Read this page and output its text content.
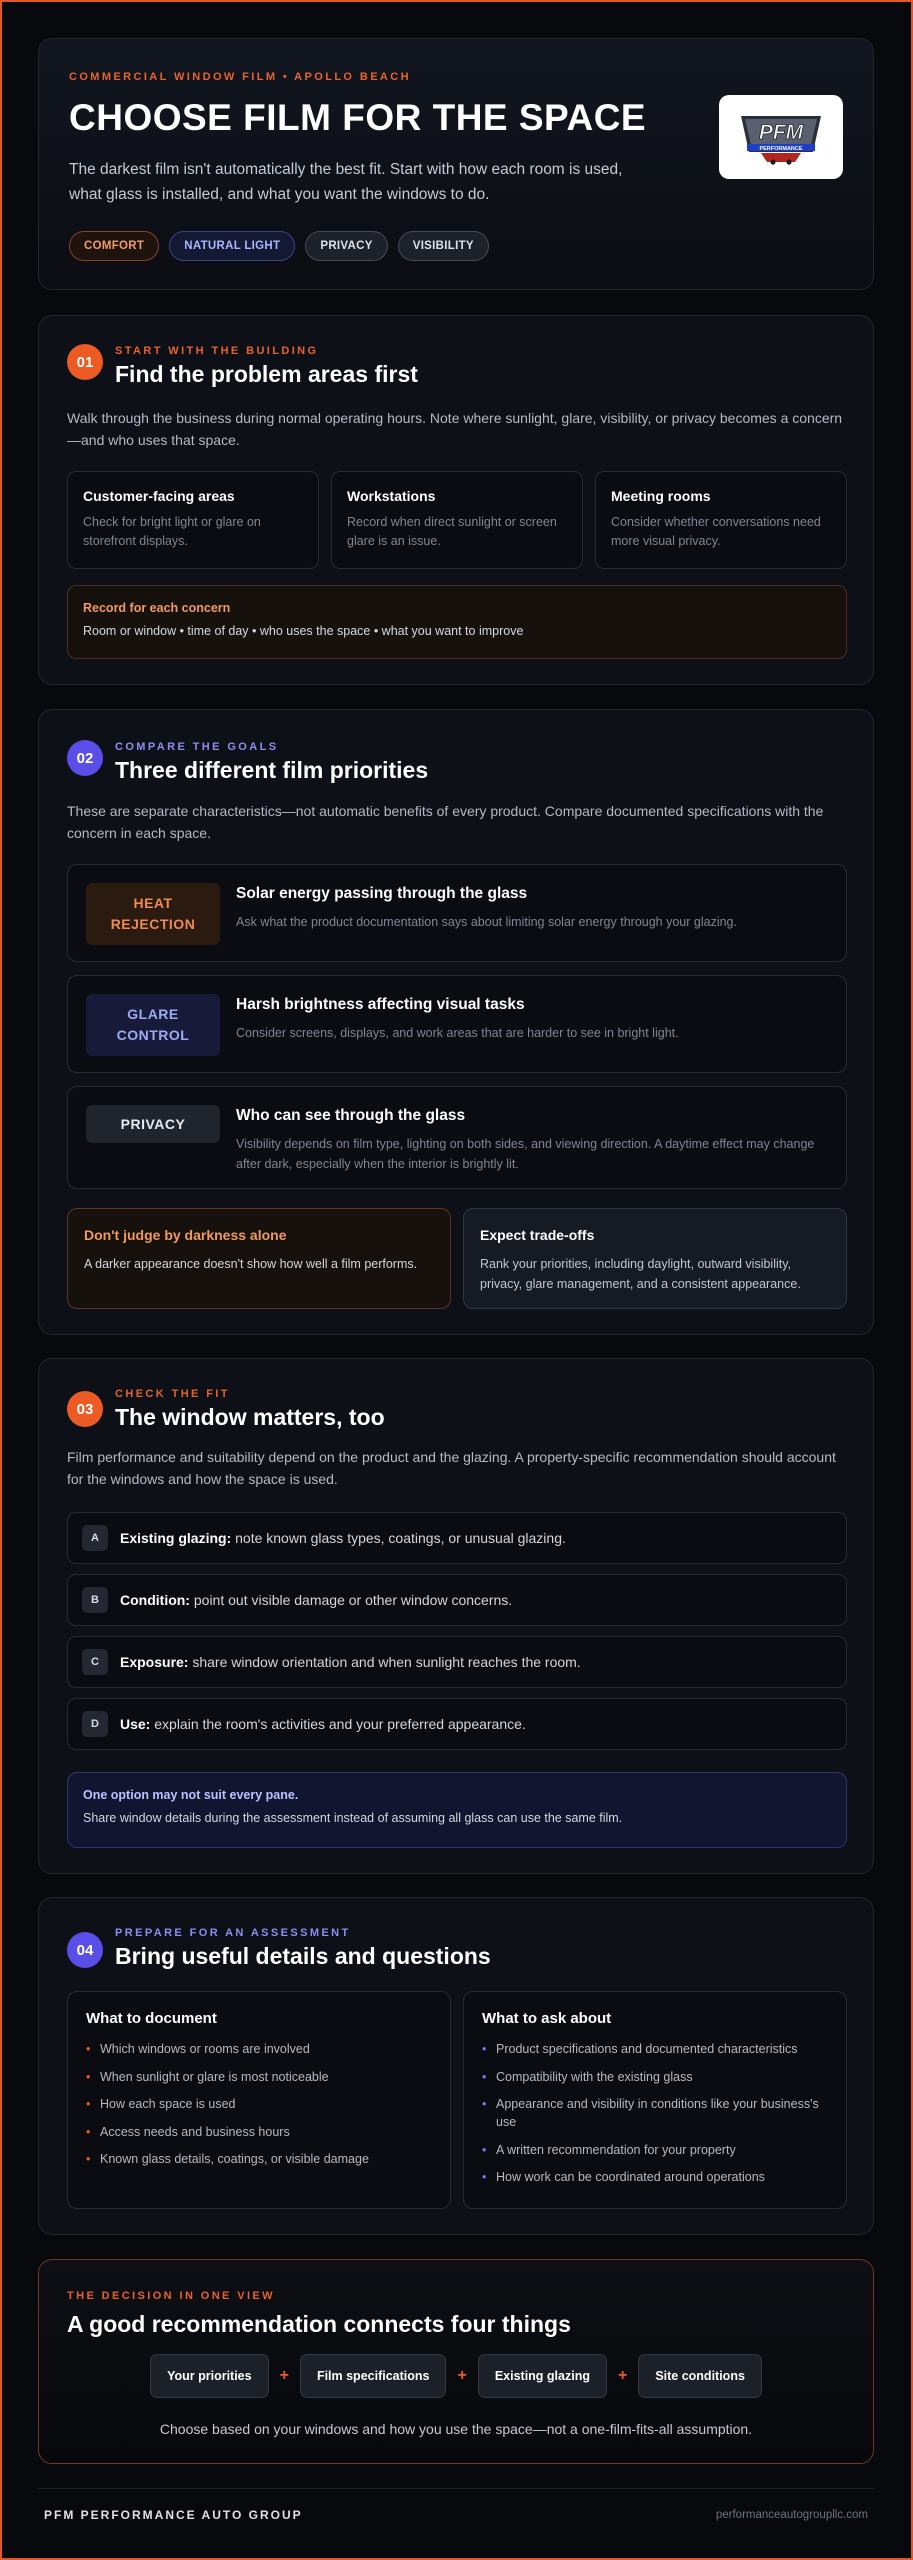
COMMERCIAL WINDOW FILM • APOLLO BEACH
CHOOSE FILM FOR THE SPACE

The darkest film isn't automatically the best fit. Start with how each room is used, what glass is installed, and what you want the windows to do.

COMFORT	NATURAL LIGHT	PRIVACY	VISIBILITY
PFM
PERFORMANCE
01
START WITH THE BUILDING
Find the problem areas first

Walk through the business during normal operating hours. Note where sunlight, glare, visibility, or privacy becomes a concern—and who uses that space.

Customer-facing areas

Check for bright light or glare on storefront displays.

Workstations

Record when direct sunlight or screen glare is an issue.

Meeting rooms

Consider whether conversations need more visual privacy.

Record for each concern

Room or window • time of day • who uses the space • what you want to improve

02
COMPARE THE GOALS
Three different film priorities

These are separate characteristics—not automatic benefits of every product. Compare documented specifications with the concern in each space.

HEAT
REJECTION
Solar energy passing through the glass

Ask what the product documentation says about limiting solar energy through your glazing.

GLARE
CONTROL
Harsh brightness affecting visual tasks

Consider screens, displays, and work areas that are harder to see in bright light.

PRIVACY	Who can see through the glass

Visibility depends on film type, lighting on both sides, and viewing direction. A daytime effect may change after dark, especially when the interior is brightly lit.

Don't judge by darkness alone

A darker appearance doesn't show how well a film performs.

Expect trade-offs

Rank your priorities, including daylight, outward visibility, privacy, glare management, and a consistent appearance.

03
CHECK THE FIT
The window matters, too

Film performance and suitability depend on the product and the glazing. A property-specific recommendation should account for the windows and how the space is used.

A	Existing glazing: note known glass types, coatings, or unusual glazing.
B	Condition: point out visible damage or other window concerns.
C	Exposure: share window orientation and when sunlight reaches the room.
D	Use: explain the room's activities and your preferred appearance.
One option may not suit every pane.

Share window details during the assessment instead of assuming all glass can use the same film.

04
PREPARE FOR AN ASSESSMENT
Bring useful details and questions
What to document
• Which windows or rooms are involved
• When sunlight or glare is most noticeable
• How each space is used
• Access needs and business hours
• Known glass details, coatings, or visible damage
What to ask about
• Product specifications and documented characteristics
• Compatibility with the existing glass
• Appearance and visibility in conditions like your business's use
• A written recommendation for your property
• How work can be coordinated around operations
THE DECISION IN ONE VIEW
A good recommendation connects four things
Your priorities	+	Film specifications	+	Existing glazing	+	Site conditions

Choose based on your windows and how you use the space—not a one-film-fits-all assumption.

PFM PERFORMANCE AUTO GROUP	performanceautogroupllc.com
